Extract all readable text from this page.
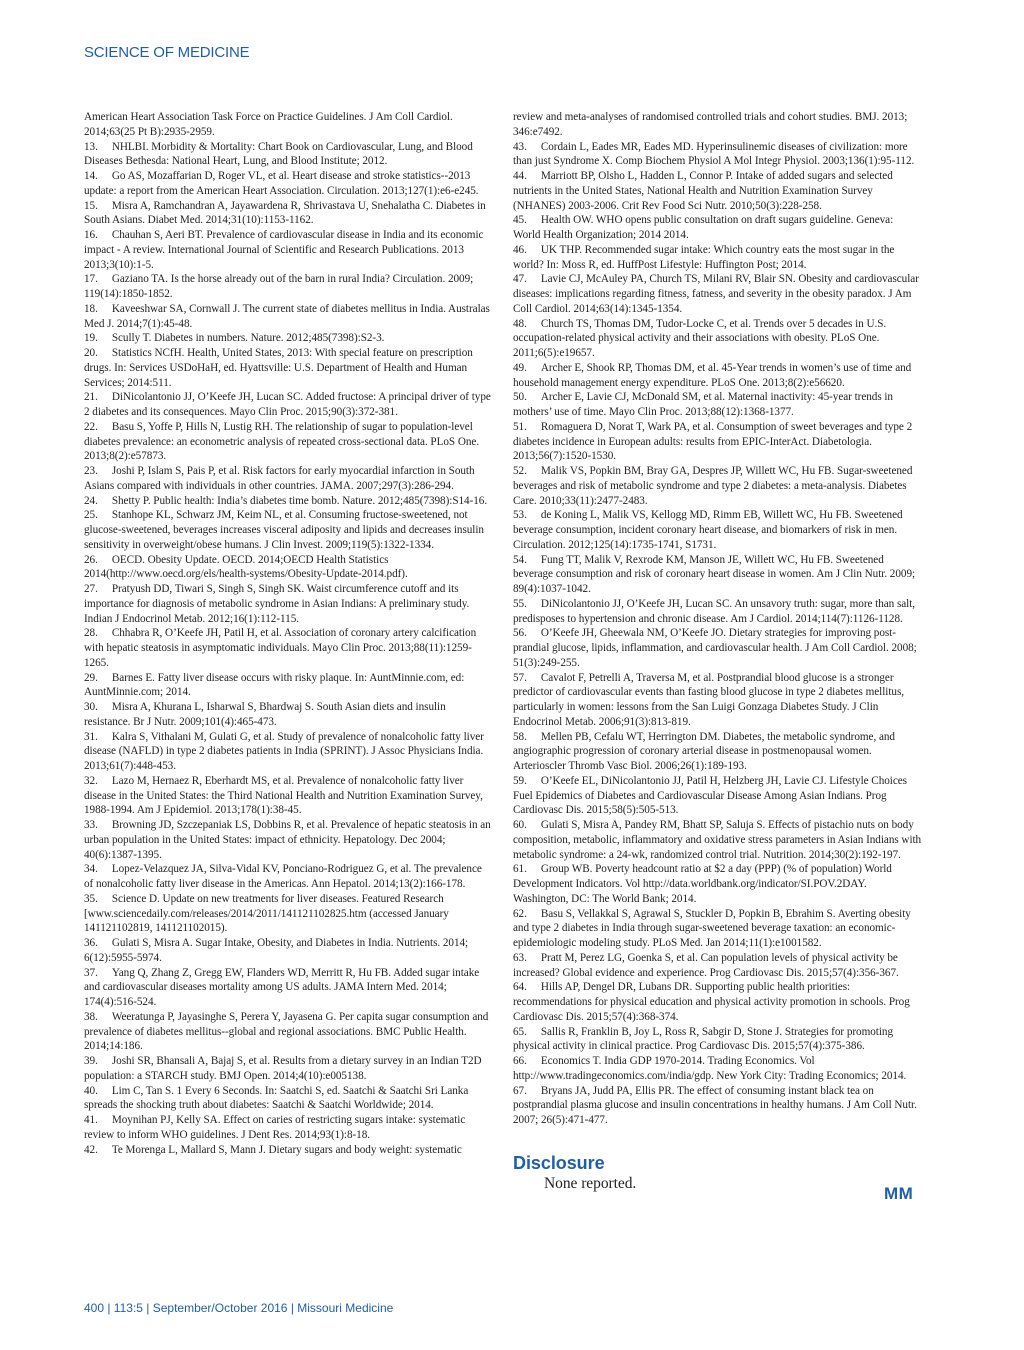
SCIENCE OF MEDICINE

American Heart Association Task Force on Practice Guidelines. J Am Coll Cardiol. 2014;63(25 Pt B):2935-2959.

13. NHLBI. Morbidity & Mortality: Chart Book on Cardiovascular, Lung, and Blood Diseases Bethesda: National Heart, Lung, and Blood Institute; 2012.

14. Go AS, Mozaffarian D, Roger VL, et al. Heart disease and stroke statistics--2013 update: a report from the American Heart Association. Circulation. 2013;127(1):e6-e245.

15. Misra A, Ramchandran A, Jayawardena R, Shrivastava U, Snehalatha C. Diabetes in South Asians. Diabet Med. 2014;31(10):1153-1162.

16. Chauhan S, Aeri BT. Prevalence of cardiovascular disease in India and its economic impact - A review. International Journal of Scientific and Research Publications. 2013 2013;3(10):1-5.

17. Gaziano TA. Is the horse already out of the barn in rural India? Circulation. 2009; 119(14):1850-1852.

18. Kaveeshwar SA, Cornwall J. The current state of diabetes mellitus in India. Australas Med J. 2014;7(1):45-48.

19. Scully T. Diabetes in numbers. Nature. 2012;485(7398):S2-3.

20. Statistics NCfH. Health, United States, 2013: With special feature on prescription drugs. In: Services USDoHaH, ed. Hyattsville: U.S. Department of Health and Human Services; 2014:511.

21. DiNicolantonio JJ, O’Keefe JH, Lucan SC. Added fructose: A principal driver of type 2 diabetes and its consequences. Mayo Clin Proc. 2015;90(3):372-381.

22. Basu S, Yoffe P, Hills N, Lustig RH. The relationship of sugar to population-level diabetes prevalence: an econometric analysis of repeated cross-sectional data. PLoS One. 2013;8(2):e57873.

23. Joshi P, Islam S, Pais P, et al. Risk factors for early myocardial infarction in South Asians compared with individuals in other countries. JAMA. 2007;297(3):286-294.

24. Shetty P. Public health: India’s diabetes time bomb. Nature. 2012;485(7398):S14-16.

25. Stanhope KL, Schwarz JM, Keim NL, et al. Consuming fructose-sweetened, not glucose-sweetened, beverages increases visceral adiposity and lipids and decreases insulin sensitivity in overweight/obese humans. J Clin Invest. 2009;119(5):1322-1334.

26. OECD. Obesity Update. OECD. 2014;OECD Health Statistics 2014(http://www.oecd.org/els/health-systems/Obesity-Update-2014.pdf).

27. Pratyush DD, Tiwari S, Singh S, Singh SK. Waist circumference cutoff and its importance for diagnosis of metabolic syndrome in Asian Indians: A preliminary study. Indian J Endocrinol Metab. 2012;16(1):112-115.

28. Chhabra R, O’Keefe JH, Patil H, et al. Association of coronary artery calcification with hepatic steatosis in asymptomatic individuals. Mayo Clin Proc. 2013;88(11):1259-1265.

29. Barnes E. Fatty liver disease occurs with risky plaque. In: AuntMinnie.com, ed: AuntMinnie.com; 2014.

30. Misra A, Khurana L, Isharwal S, Bhardwaj S. South Asian diets and insulin resistance. Br J Nutr. 2009;101(4):465-473.

31. Kalra S, Vithalani M, Gulati G, et al. Study of prevalence of nonalcoholic fatty liver disease (NAFLD) in type 2 diabetes patients in India (SPRINT). J Assoc Physicians India. 2013;61(7):448-453.

32. Lazo M, Hernaez R, Eberhardt MS, et al. Prevalence of nonalcoholic fatty liver disease in the United States: the Third National Health and Nutrition Examination Survey, 1988-1994. Am J Epidemiol. 2013;178(1):38-45.

33. Browning JD, Szczepaniak LS, Dobbins R, et al. Prevalence of hepatic steatosis in an urban population in the United States: impact of ethnicity. Hepatology. Dec 2004; 40(6):1387-1395.

34. Lopez-Velazquez JA, Silva-Vidal KV, Ponciano-Rodriguez G, et al. The prevalence of nonalcoholic fatty liver disease in the Americas. Ann Hepatol. 2014;13(2):166-178.

35. Science D. Update on new treatments for liver diseases. Featured Research [www.sciencedaily.com/releases/2014/2011/141121102825.htm (accessed January 141121102819, 141121102015).

36. Gulati S, Misra A. Sugar Intake, Obesity, and Diabetes in India. Nutrients. 2014; 6(12):5955-5974.

37. Yang Q, Zhang Z, Gregg EW, Flanders WD, Merritt R, Hu FB. Added sugar intake and cardiovascular diseases mortality among US adults. JAMA Intern Med. 2014; 174(4):516-524.

38. Weeratunga P, Jayasinghe S, Perera Y, Jayasena G. Per capita sugar consumption and prevalence of diabetes mellitus--global and regional associations. BMC Public Health. 2014;14:186.

39. Joshi SR, Bhansali A, Bajaj S, et al. Results from a dietary survey in an Indian T2D population: a STARCH study. BMJ Open. 2014;4(10):e005138.

40. Lim C, Tan S. 1 Every 6 Seconds. In: Saatchi S, ed. Saatchi & Saatchi Sri Lanka spreads the shocking truth about diabetes: Saatchi & Saatchi Worldwide; 2014.

41. Moynihan PJ, Kelly SA. Effect on caries of restricting sugars intake: systematic review to inform WHO guidelines. J Dent Res. 2014;93(1):8-18.

42. Te Morenga L, Mallard S, Mann J. Dietary sugars and body weight: systematic

review and meta-analyses of randomised controlled trials and cohort studies. BMJ. 2013; 346:e7492.

43. Cordain L, Eades MR, Eades MD. Hyperinsulinemic diseases of civilization: more than just Syndrome X. Comp Biochem Physiol A Mol Integr Physiol. 2003;136(1):95-112.

44. Marriott BP, Olsho L, Hadden L, Connor P. Intake of added sugars and selected nutrients in the United States, National Health and Nutrition Examination Survey (NHANES) 2003-2006. Crit Rev Food Sci Nutr. 2010;50(3):228-258.

45. Health OW. WHO opens public consultation on draft sugars guideline. Geneva: World Health Organization; 2014 2014.

46. UK THP. Recommended sugar intake: Which country eats the most sugar in the world? In: Moss R, ed. HuffPost Lifestyle: Huffington Post; 2014.

47. Lavie CJ, McAuley PA, Church TS, Milani RV, Blair SN. Obesity and cardiovascular diseases: implications regarding fitness, fatness, and severity in the obesity paradox. J Am Coll Cardiol. 2014;63(14):1345-1354.

48. Church TS, Thomas DM, Tudor-Locke C, et al. Trends over 5 decades in U.S. occupation-related physical activity and their associations with obesity. PLoS One. 2011;6(5):e19657.

49. Archer E, Shook RP, Thomas DM, et al. 45-Year trends in women’s use of time and household management energy expenditure. PLoS One. 2013;8(2):e56620.

50. Archer E, Lavie CJ, McDonald SM, et al. Maternal inactivity: 45-year trends in mothers’ use of time. Mayo Clin Proc. 2013;88(12):1368-1377.

51. Romaguera D, Norat T, Wark PA, et al. Consumption of sweet beverages and type 2 diabetes incidence in European adults: results from EPIC-InterAct. Diabetologia. 2013;56(7):1520-1530.

52. Malik VS, Popkin BM, Bray GA, Despres JP, Willett WC, Hu FB. Sugar-sweetened beverages and risk of metabolic syndrome and type 2 diabetes: a meta-analysis. Diabetes Care. 2010;33(11):2477-2483.

53. de Koning L, Malik VS, Kellogg MD, Rimm EB, Willett WC, Hu FB. Sweetened beverage consumption, incident coronary heart disease, and biomarkers of risk in men. Circulation. 2012;125(14):1735-1741, S1731.

54. Fung TT, Malik V, Rexrode KM, Manson JE, Willett WC, Hu FB. Sweetened beverage consumption and risk of coronary heart disease in women. Am J Clin Nutr. 2009; 89(4):1037-1042.

55. DiNicolantonio JJ, O’Keefe JH, Lucan SC. An unsavory truth: sugar, more than salt, predisposes to hypertension and chronic disease. Am J Cardiol. 2014;114(7):1126-1128.

56. O’Keefe JH, Gheewala NM, O’Keefe JO. Dietary strategies for improving post-prandial glucose, lipids, inflammation, and cardiovascular health. J Am Coll Cardiol. 2008; 51(3):249-255.

57. Cavalot F, Petrelli A, Traversa M, et al. Postprandial blood glucose is a stronger predictor of cardiovascular events than fasting blood glucose in type 2 diabetes mellitus, particularly in women: lessons from the San Luigi Gonzaga Diabetes Study. J Clin Endocrinol Metab. 2006;91(3):813-819.

58. Mellen PB, Cefalu WT, Herrington DM. Diabetes, the metabolic syndrome, and angiographic progression of coronary arterial disease in postmenopausal women. Arterioscler Thromb Vasc Biol. 2006;26(1):189-193.

59. O’Keefe EL, DiNicolantonio JJ, Patil H, Helzberg JH, Lavie CJ. Lifestyle Choices Fuel Epidemics of Diabetes and Cardiovascular Disease Among Asian Indians. Prog Cardiovasc Dis. 2015;58(5):505-513.

60. Gulati S, Misra A, Pandey RM, Bhatt SP, Saluja S. Effects of pistachio nuts on body composition, metabolic, inflammatory and oxidative stress parameters in Asian Indians with metabolic syndrome: a 24-wk, randomized control trial. Nutrition. 2014;30(2):192-197.

61. Group WB. Poverty headcount ratio at $2 a day (PPP) (% of population) World Development Indicators. Vol http://data.worldbank.org/indicator/SI.POV.2DAY. Washington, DC: The World Bank; 2014.

62. Basu S, Vellakkal S, Agrawal S, Stuckler D, Popkin B, Ebrahim S. Averting obesity and type 2 diabetes in India through sugar-sweetened beverage taxation: an economic-epidemiologic modeling study. PLoS Med. Jan 2014;11(1):e1001582.

63. Pratt M, Perez LG, Goenka S, et al. Can population levels of physical activity be increased? Global evidence and experience. Prog Cardiovasc Dis. 2015;57(4):356-367.

64. Hills AP, Dengel DR, Lubans DR. Supporting public health priorities: recommendations for physical education and physical activity promotion in schools. Prog Cardiovasc Dis. 2015;57(4):368-374.

65. Sallis R, Franklin B, Joy L, Ross R, Sabgir D, Stone J. Strategies for promoting physical activity in clinical practice. Prog Cardiovasc Dis. 2015;57(4):375-386.

66. Economics T. India GDP 1970-2014. Trading Economics. Vol http://www.tradingeconomics.com/india/gdp. New York City: Trading Economics; 2014.

67. Bryans JA, Judd PA, Ellis PR. The effect of consuming instant black tea on postprandial plasma glucose and insulin concentrations in healthy humans. J Am Coll Nutr. 2007; 26(5):471-477.

Disclosure

None reported.

MM
400 | 113:5 | September/October 2016 | Missouri Medicine
